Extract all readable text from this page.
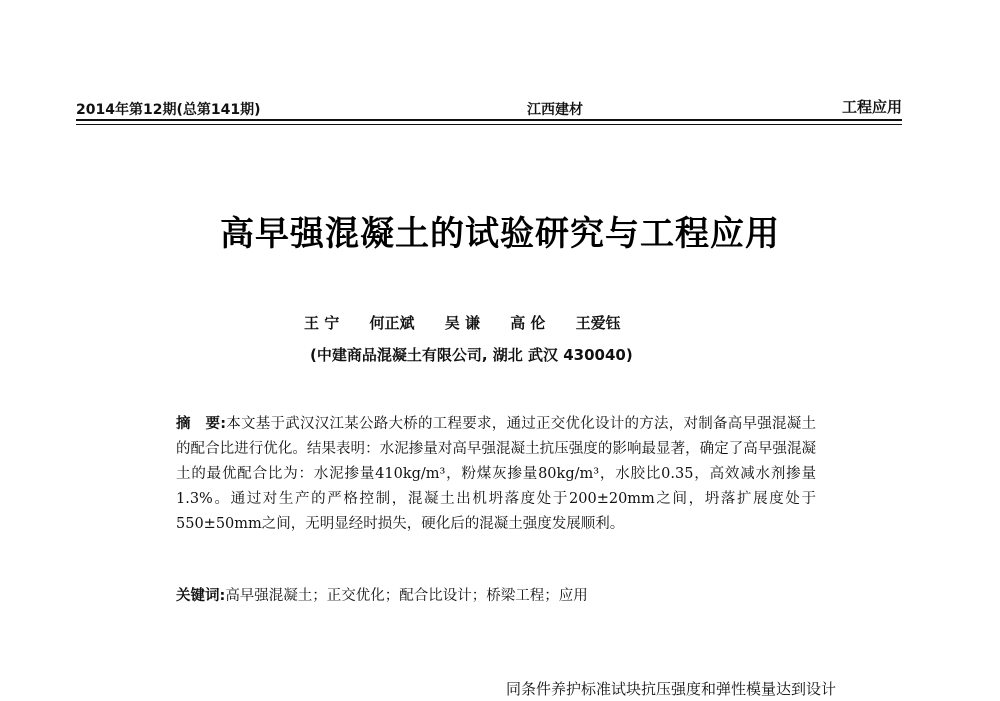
2014年第12期(总第141期)	江西建材	工程应用
高早强混凝土的试验研究与工程应用
王 宁 何正斌 吴 谦 高 伦 王爱钰
(中建商品混凝土有限公司, 湖北 武汉 430040)
摘　要:本文基于武汉汉江某公路大桥的工程要求，通过正交优化设计的方法，对制备高早强混凝土的配合比进行优化。结果表明：水泥掺量对高早强混凝土抗压强度的影响最显著，确定了高早强混凝土的最优配合比为：水泥掺量410kg/m³，粉煤灰掺量80kg/m³，水胶比0.35，高效减水剂掺量1.3%。通过对生产的严格控制，混凝土出机坍落度处于200±20mm之间，坍落扩展度处于550±50mm之间，无明显经时损失，硬化后的混凝土强度发展顺利。
关键词:高早强混凝土；正交优化；配合比设计；桥梁工程；应用
同条件养护标准试块抗压强度和弹性模量达到设计
